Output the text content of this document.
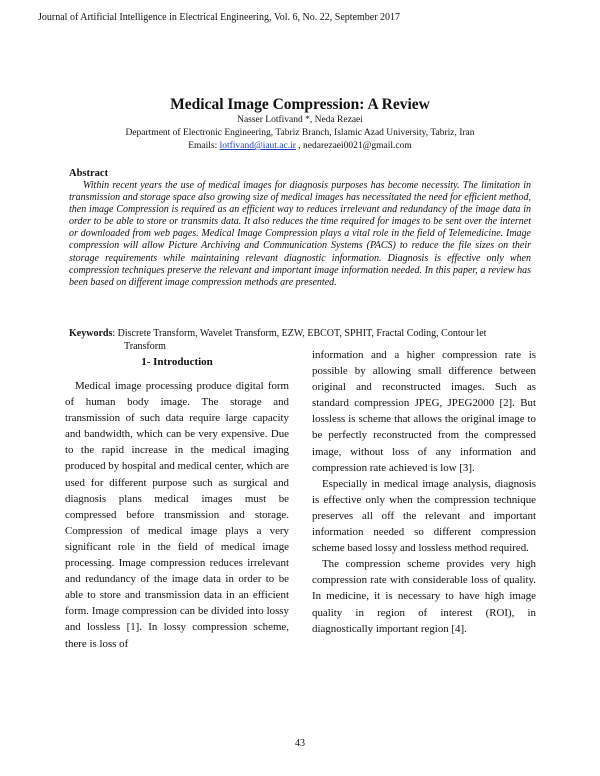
Journal of Artificial Intelligence in Electrical Engineering, Vol. 6, No. 22, September 2017
Medical Image Compression: A Review
Nasser Lotfivand *, Neda Rezaei
Department of Electronic Engineering, Tabriz Branch, Islamic Azad University, Tabriz, Iran
Emails: lotfivand@iaut.ac.ir , nedarezaei0021@gmail.com
Abstract

Within recent years the use of medical images for diagnosis purposes has become necessity. The limitation in transmission and storage space also growing size of medical images has necessitated the need for efficient method, then image Compression is required as an efficient way to reduces irrelevant and redundancy of the image data in order to be able to store or transmits data. It also reduces the time required for images to be sent over the internet or downloaded from web pages. Medical Image Compression plays a vital role in the field of Telemedicine. Image compression will allow Picture Archiving and Communication Systems (PACS) to reduce the file sizes on their storage requirements while maintaining relevant diagnostic information. Diagnosis is effective only when compression techniques preserve the relevant and important image information needed. In this paper, a review has been based on different image compression methods are presented.

Keywords: Discrete Transform, Wavelet Transform, EZW, EBCOT, SPHIT, Fractal Coding, Contour let
Transform
1- Introduction

Medical image processing produce digital form of human body image. The storage and transmission of such data require large capacity and bandwidth, which can be very expensive. Due to the rapid increase in the medical imaging produced by hospital and medical center, which are used for different purpose such as surgical and diagnosis plans medical images must be compressed before transmission and storage. Compression of medical image plays a very significant role in the field of medical image processing. Image compression reduces irrelevant and redundancy of the image data in order to be able to store and transmission data in an efficient form. Image compression can be divided into lossy and lossless [1]. In lossy compression scheme, there is loss of

information and a higher compression rate is possible by allowing small difference between original and reconstructed images. Such as standard compression JPEG, JPEG2000 [2]. But lossless is scheme that allows the original image to be perfectly reconstructed from the compressed image, without loss of any information and compression rate achieved is low [3].

Especially in medical image analysis, diagnosis is effective only when the compression technique preserves all off the relevant and important information needed so different compression scheme based lossy and lossless method required.

The compression scheme provides very high compression rate with considerable loss of quality. In medicine, it is necessary to have high image quality in region of interest (ROI), in diagnostically important region [4].

43
